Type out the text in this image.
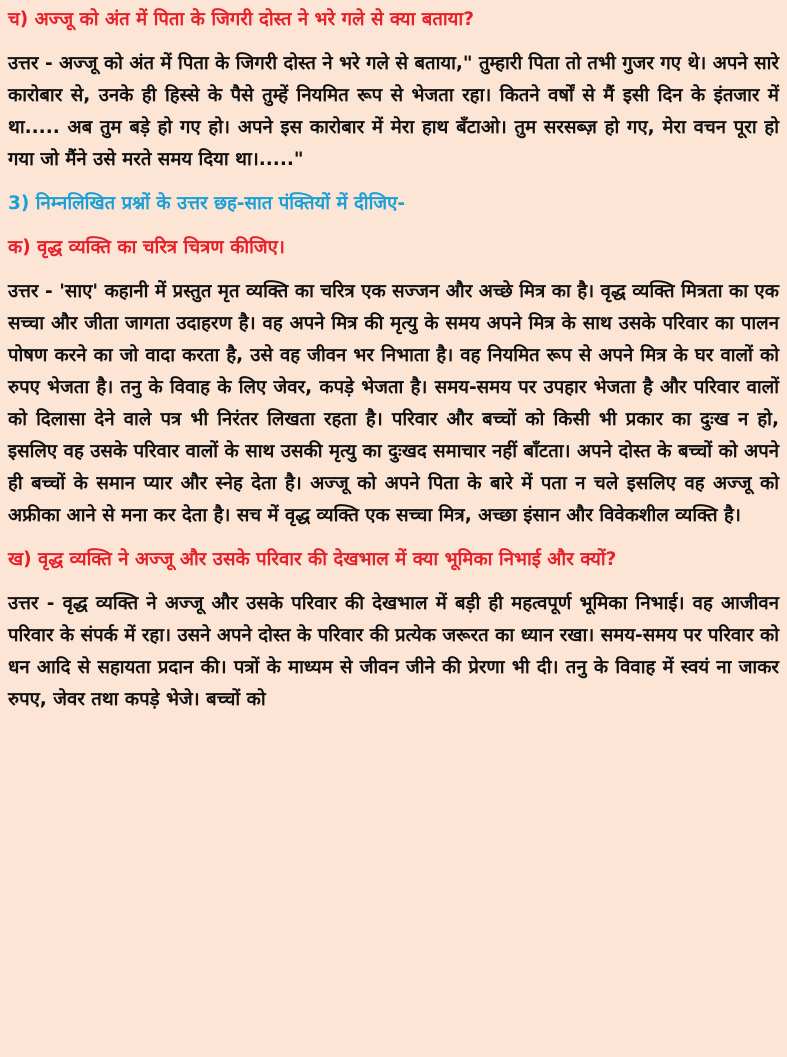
च) अज्जू को अंत में पिता के जिगरी दोस्त ने भरे गले से क्या बताया?

उत्तर - अज्जू को अंत में पिता के जिगरी दोस्त ने भरे गले से बताया," तुम्हारी पिता तो तभी गुजर गए थे। अपने सारे कारोबार से, उनके ही हिस्से के पैसे तुम्हें नियमित रूप से भेजता रहा। कितने वर्षों से मैं इसी दिन के इंतजार में था..... अब तुम बड़े हो गए हो। अपने इस कारोबार में मेरा हाथ बँटाओ। तुम सरसब्ज़ हो गए, मेरा वचन पूरा हो गया जो मैंने उसे मरते समय दिया था।....."

3) निम्नलिखित प्रश्नों के उत्तर छह-सात पंक्तियों में दीजिए-

क) वृद्ध व्यक्ति का चरित्र चित्रण कीजिए।

उत्तर - 'साए' कहानी में प्रस्तुत मृत व्यक्ति का चरित्र एक सज्जन और अच्छे मित्र का है। वृद्ध व्यक्ति मित्रता का एक सच्चा और जीता जागता उदाहरण है। वह अपने मित्र की मृत्यु के समय अपने मित्र के साथ उसके परिवार का पालन पोषण करने का जो वादा करता है, उसे वह जीवन भर निभाता है। वह नियमित रूप से अपने मित्र के घर वालों को रुपए भेजता है। तनु के विवाह के लिए जेवर, कपड़े भेजता है। समय-समय पर उपहार भेजता है और परिवार वालों को दिलासा देने वाले पत्र भी निरंतर लिखता रहता है। परिवार और बच्चों को किसी भी प्रकार का दुःख न हो, इसलिए वह उसके परिवार वालों के साथ उसकी मृत्यु का दुःखद समाचार नहीं बाँटता। अपने दोस्त के बच्चों को अपने ही बच्चों के समान प्यार और स्नेह देता है। अज्जू को अपने पिता के बारे में पता न चले इसलिए वह अज्जू को अफ्रीका आने से मना कर देता है। सच में वृद्ध व्यक्ति एक सच्चा मित्र, अच्छा इंसान और विवेकशील व्यक्ति है।

ख) वृद्ध व्यक्ति ने अज्जू और उसके परिवार की देखभाल में क्या भूमिका निभाई और क्यों?

उत्तर - वृद्ध व्यक्ति ने अज्जू और उसके परिवार की देखभाल में बड़ी ही महत्वपूर्ण भूमिका निभाई। वह आजीवन परिवार के संपर्क में रहा। उसने अपने दोस्त के परिवार की प्रत्येक जरूरत का ध्यान रखा। समय-समय पर परिवार को धन आदि से सहायता प्रदान की। पत्रों के माध्यम से जीवन जीने की प्रेरणा भी दी। तनु के विवाह में स्वयं ना जाकर रुपए, जेवर तथा कपड़े भेजे। बच्चों को
